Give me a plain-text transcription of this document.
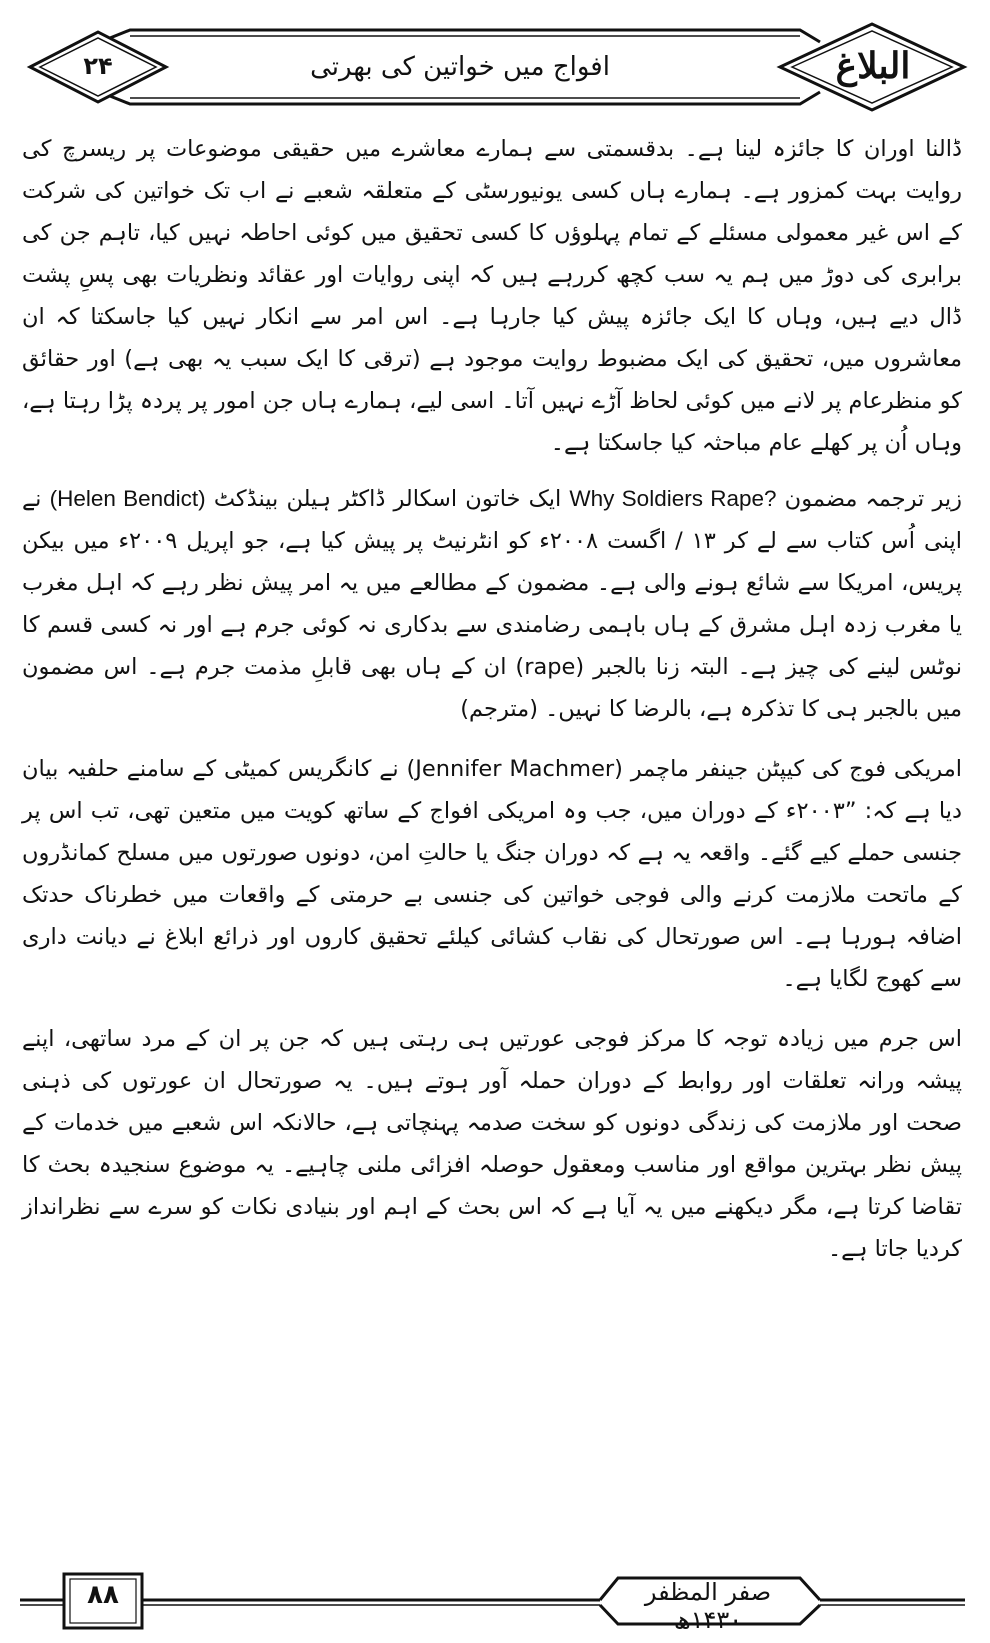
۲۴	افواج میں خواتین کی بھرتی	البلاغ

ڈالنا اوران کا جائزہ لینا ہے۔ بدقسمتی سے ہمارے معاشرے میں حقیقی موضوعات پر ریسرچ کی روایت بہت کمزور ہے۔ ہمارے ہاں کسی یونیورسٹی کے متعلقہ شعبے نے اب تک خواتین کی شرکت کے اس غیر معمولی مسئلے کے تمام پہلوؤں کا کسی تحقیق میں کوئی احاطہ نہیں کیا، تاہم جن کی برابری کی دوڑ میں ہم یہ سب کچھ کررہے ہیں کہ اپنی روایات اور عقائد ونظریات بھی پسِ پشت ڈال دیے ہیں، وہاں کا ایک جائزہ پیش کیا جارہا ہے۔ اس امر سے انکار نہیں کیا جاسکتا کہ ان معاشروں میں، تحقیق کی ایک مضبوط روایت موجود ہے (ترقی کا ایک سبب یہ بھی ہے) اور حقائق کو منظرعام پر لانے میں کوئی لحاظ آڑے نہیں آتا۔ اسی لیے، ہمارے ہاں جن امور پر پردہ پڑا رہتا ہے، وہاں اُن پر کھلے عام مباحثہ کیا جاسکتا ہے۔

زیر ترجمہ مضمون Why Soldiers Rape? ایک خاتون اسکالر ڈاکٹر ہیلن بینڈکٹ (Helen Bendict) نے اپنی اُس کتاب سے لے کر ۱۳ / اگست ۲۰۰۸ء کو انٹرنیٹ پر پیش کیا ہے، جو اپریل ۲۰۰۹ء میں بیکن پریس، امریکا سے شائع ہونے والی ہے۔ مضمون کے مطالعے میں یہ امر پیش نظر رہے کہ اہل مغرب یا مغرب زدہ اہل مشرق کے ہاں باہمی رضامندی سے بدکاری نہ کوئی جرم ہے اور نہ کسی قسم کا نوٹس لینے کی چیز ہے۔ البتہ زنا بالجبر (rape) ان کے ہاں بھی قابلِ مذمت جرم ہے۔ اس مضمون میں بالجبر ہی کا تذکرہ ہے، بالرضا کا نہیں۔ (مترجم)

امریکی فوج کی کیپٹن جینفر ماچمر (Jennifer Machmer) نے کانگریس کمیٹی کے سامنے حلفیہ بیان دیا ہے کہ: ”۲۰۰۳ء کے دوران میں، جب وہ امریکی افواج کے ساتھ کویت میں متعین تھی، تب اس پر جنسی حملے کیے گئے۔ واقعہ یہ ہے کہ دوران جنگ یا حالتِ امن، دونوں صورتوں میں مسلح کمانڈروں کے ماتحت ملازمت کرنے والی فوجی خواتین کی جنسی بے حرمتی کے واقعات میں خطرناک حدتک اضافہ ہورہا ہے۔ اس صورتحال کی نقاب کشائی کیلئے تحقیق کاروں اور ذرائع ابلاغ نے دیانت داری سے کھوج لگایا ہے۔

اس جرم میں زیادہ توجہ کا مرکز فوجی عورتیں ہی رہتی ہیں کہ جن پر ان کے مرد ساتھی، اپنے پیشہ ورانہ تعلقات اور روابط کے دوران حملہ آور ہوتے ہیں۔ یہ صورتحال ان عورتوں کی ذہنی صحت اور ملازمت کی زندگی دونوں کو سخت صدمہ پہنچاتی ہے، حالانکہ اس شعبے میں خدمات کے پیش نظر بہترین مواقع اور مناسب ومعقول حوصلہ افزائی ملنی چاہیے۔ یہ موضوع سنجیدہ بحث کا تقاضا کرتا ہے، مگر دیکھنے میں یہ آیا ہے کہ اس بحث کے اہم اور بنیادی نکات کو سرے سے نظرانداز کردیا جاتا ہے۔

۸۸	صفر المظفر ۱۴۳۰ھ
